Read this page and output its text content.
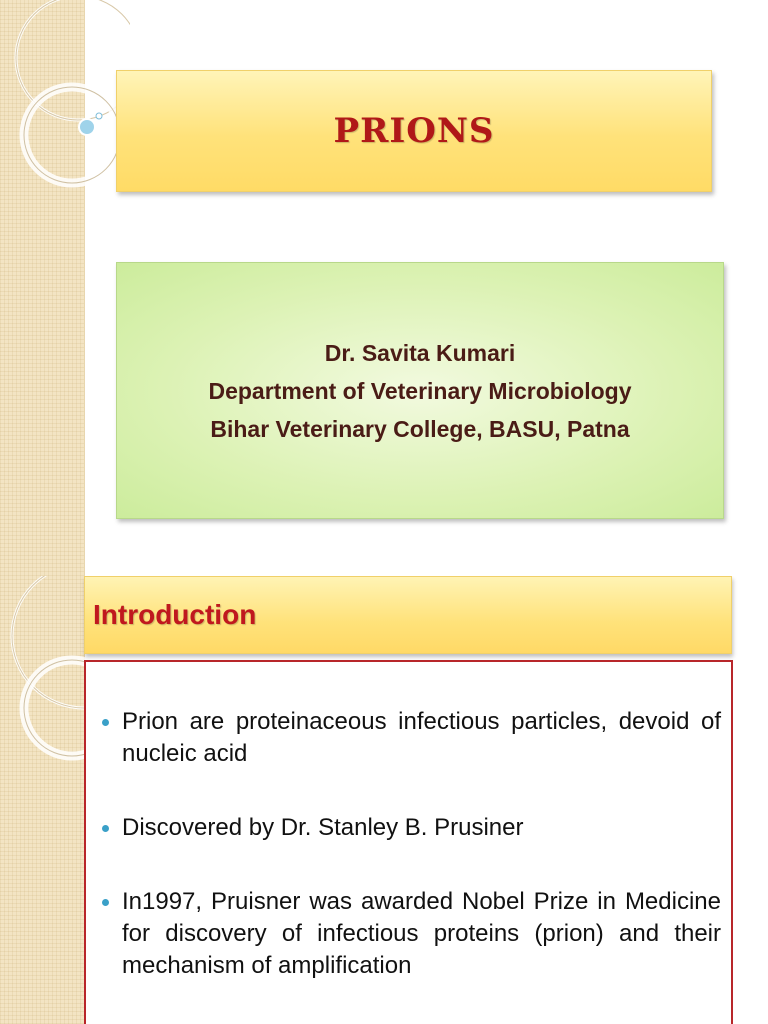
PRIONS
Dr. Savita Kumari
Department of Veterinary Microbiology
Bihar Veterinary College, BASU, Patna
Introduction
Prion are proteinaceous infectious particles, devoid of nucleic acid
Discovered by Dr. Stanley B. Prusiner
In1997, Pruisner was awarded Nobel Prize in Medicine for discovery of infectious proteins (prion) and their mechanism of amplification
